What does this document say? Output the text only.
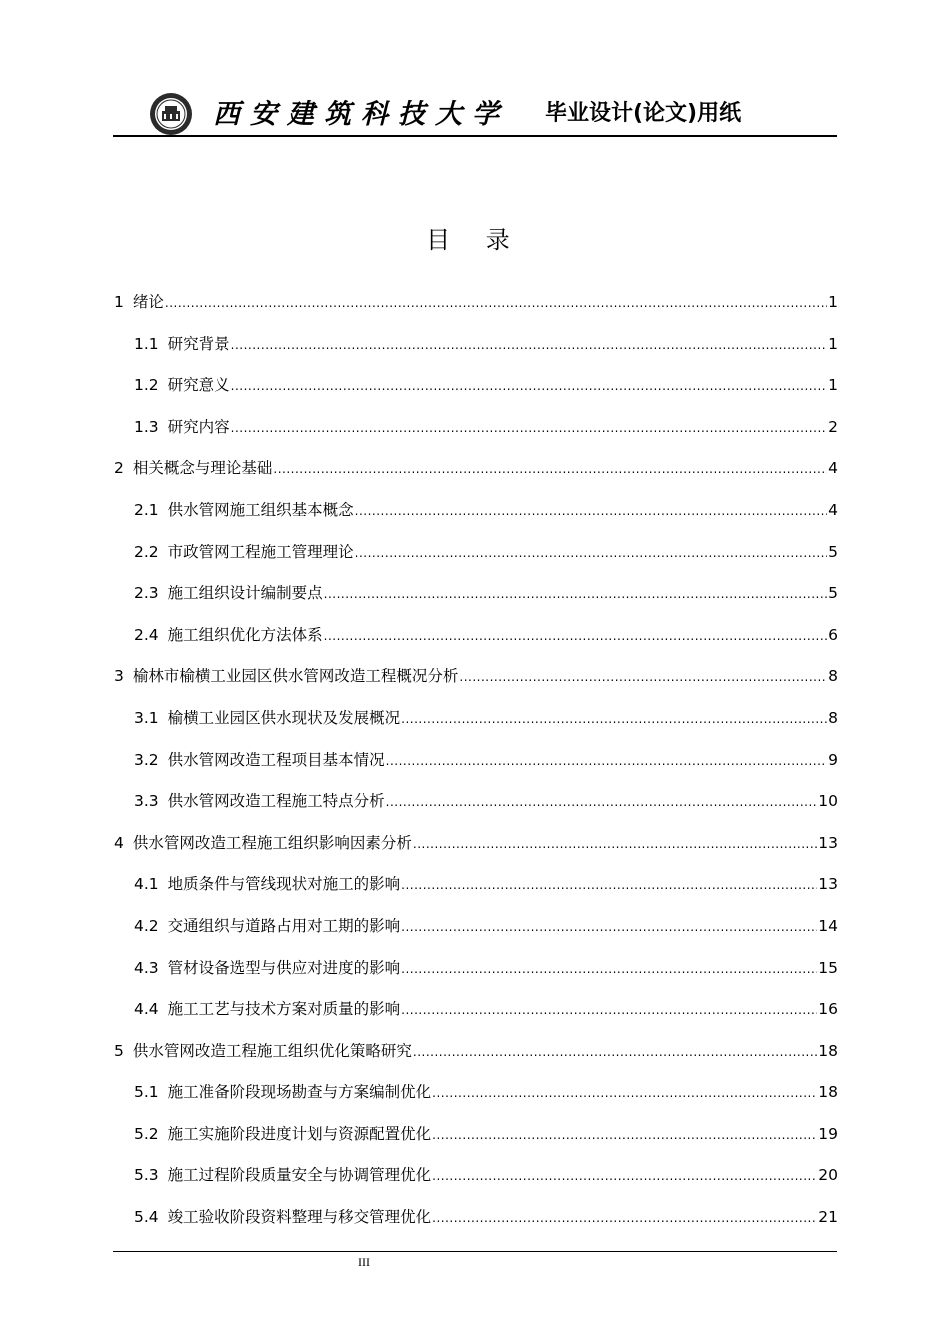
西安建筑科技大学 毕业设计(论文)用纸
目 录
1 绪论 .....	1
1.1 研究背景 .....	1
1.2 研究意义 .....	1
1.3 研究内容 .....	2
2 相关概念与理论基础 .....	4
2.1 供水管网施工组织基本概念 .....	4
2.2 市政管网工程施工管理理论 .....	5
2.3 施工组织设计编制要点 .....	5
2.4 施工组织优化方法体系 .....	6
3 榆林市榆横工业园区供水管网改造工程概况分析 .....	8
3.1 榆横工业园区供水现状及发展概况 .....	8
3.2 供水管网改造工程项目基本情况 .....	9
3.3 供水管网改造工程施工特点分析 .....	10
4 供水管网改造工程施工组织影响因素分析 .....	13
4.1 地质条件与管线现状对施工的影响 .....	13
4.2 交通组织与道路占用对工期的影响 .....	14
4.3 管材设备选型与供应对进度的影响 .....	15
4.4 施工工艺与技术方案对质量的影响 .....	16
5 供水管网改造工程施工组织优化策略研究 .....	18
5.1 施工准备阶段现场勘查与方案编制优化 .....	18
5.2 施工实施阶段进度计划与资源配置优化 .....	19
5.3 施工过程阶段质量安全与协调管理优化 .....	20
5.4 竣工验收阶段资料整理与移交管理优化 .....	21
III
